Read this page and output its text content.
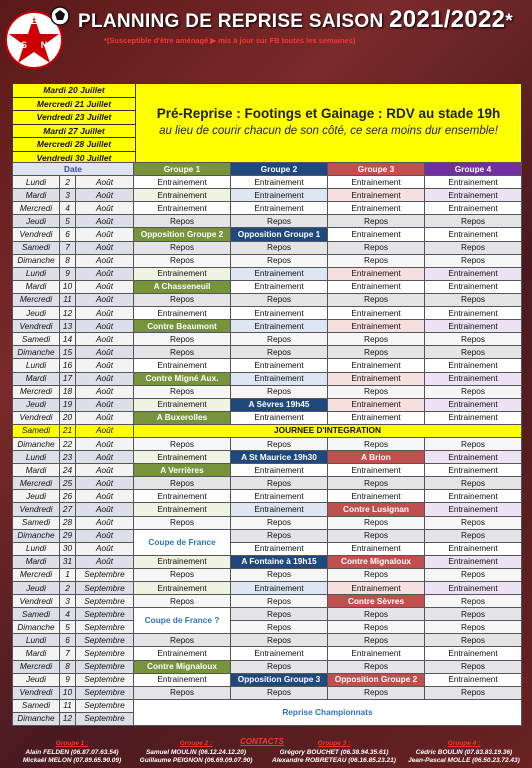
E
S N
PLANNING DE REPRISE SAISON 2021/2022*
*(Susceptible d'être aménagé ▶ mis à jour sur FB toutes les semaines)
Mardi 20 Juillet
Mercredi 21 Juillet
Vendredi 23 Juillet
Mardi 27 Juillet
Mercredi 28 Juillet
Vendredi 30 Juillet
Pré-Reprise : Footings et Gainage : RDV au stade 19h
au lieu de courir chacun de son côté, ce sera moins dur ensemble!
Date			Groupe 1	Groupe 2	Groupe 3	Groupe 4
Lundi	2	Août	Entrainement	Entrainement	Entrainement	Entrainement
Mardi	3	Août	Entrainement	Entrainement	Entrainement	Entrainement
Mercredi	4	Août	Entrainement	Entrainement	Entrainement	Entrainement
Jeudi	5	Août	Repos	Repos	Repos	Repos
Vendredi	6	Août	Opposition Groupe 2	Opposition Groupe 1	Entrainement	Entrainement
Samedi	7	Août	Repos	Repos	Repos	Repos
Dimanche	8	Août	Repos	Repos	Repos	Repos
Lundi	9	Août	Entrainement	Entrainement	Entrainement	Entrainement
Mardi	10	Août	A Chasseneuil	Entrainement	Entrainement	Entrainement
Mercredi	11	Août	Repos	Repos	Repos	Repos
Jeudi	12	Août	Entrainement	Entrainement	Entrainement	Entrainement
Vendredi	13	Août	Contre Beaumont	Entrainement	Entrainement	Entrainement
Samedi	14	Août	Repos	Repos	Repos	Repos
Dimanche	15	Août	Repos	Repos	Repos	Repos
Lundi	16	Août	Entrainement	Entrainement	Entrainement	Entrainement
Mardi	17	Août	Contre Migné Aux.	Entrainement	Entrainement	Entrainement
Mercredi	18	Août	Repos	Repos	Repos	Repos
Jeudi	19	Août	Entrainement	A Sèvres 19h45	Entrainement	Entrainement
Vendredi	20	Août	A Buxerolles	Entrainement	Entrainement	Entrainement
Samedi	21	Août	JOURNEE D'INTEGRATION			
Dimanche	22	Août	Repos	Repos	Repos	Repos
Lundi	23	Août	Entrainement	A St Maurice 19h30	A Brion	Entrainement
Mardi	24	Août	A Verrières	Entrainement	Entrainement	Entrainement
Mercredi	25	Août	Repos	Repos	Repos	Repos
Jeudi	26	Août	Entrainement	Entrainement	Entrainement	Entrainement
Vendredi	27	Août	Entrainement	Entrainement	Contre Lusignan	Entrainement
Samedi	28	Août	Repos	Repos	Repos	Repos
Dimanche	29	Août	Coupe de France	Repos	Repos	Repos
Lundi	30	Août		Entrainement	Entrainement	Entrainement
Mardi	31	Août	Entrainement	A Fontaine à 19h15	Contre Mignaloux	Entrainement
Mercredi	1	Septembre	Repos	Repos	Repos	Repos
Jeudi	2	Septembre	Entrainement	Entrainement	Entrainement	Entrainement
Vendredi	3	Septembre	Repos	Repos	Contre Sèvres	Repos
Samedi	4	Septembre	Coupe de France ?	Repos	Repos	Repos
Dimanche	5	Septembre		Repos	Repos	Repos
Lundi	6	Septembre	Repos	Repos	Repos	Repos
Mardi	7	Septembre	Entrainement	Entrainement	Entrainement	Entrainement
Mercredi	8	Septembre	Contre Mignaloux	Repos	Repos	Repos
Jeudi	9	Septembre	Entrainement	Opposition Groupe 3	Opposition Groupe 2	Entrainement
Vendredi	10	Septembre	Repos	Repos	Repos	Repos
Samedi	11	Septembre	Reprise Championnats			
Dimanche	12	Septembre				
CONTACTS
Groupe 1 :
Alain FELDEN (06.87.07.63.54)
Mickaël MELON (07.89.65.90.09)
Groupe 2 :
Samuel MOULIN (06.12.24.12.20)
Guillaume PEIGNON (06.69.09.07.90)
Groupe 3 :
Grégory BOUCHET (06.38.94.35.61)
Alexandre ROBRETEAU (06.16.85.23.21)
Groupe 4 :
Cédric BOULIN (07.83.83.19.36)
Jean-Pascal MOLLE (06.50.23.72.43)
